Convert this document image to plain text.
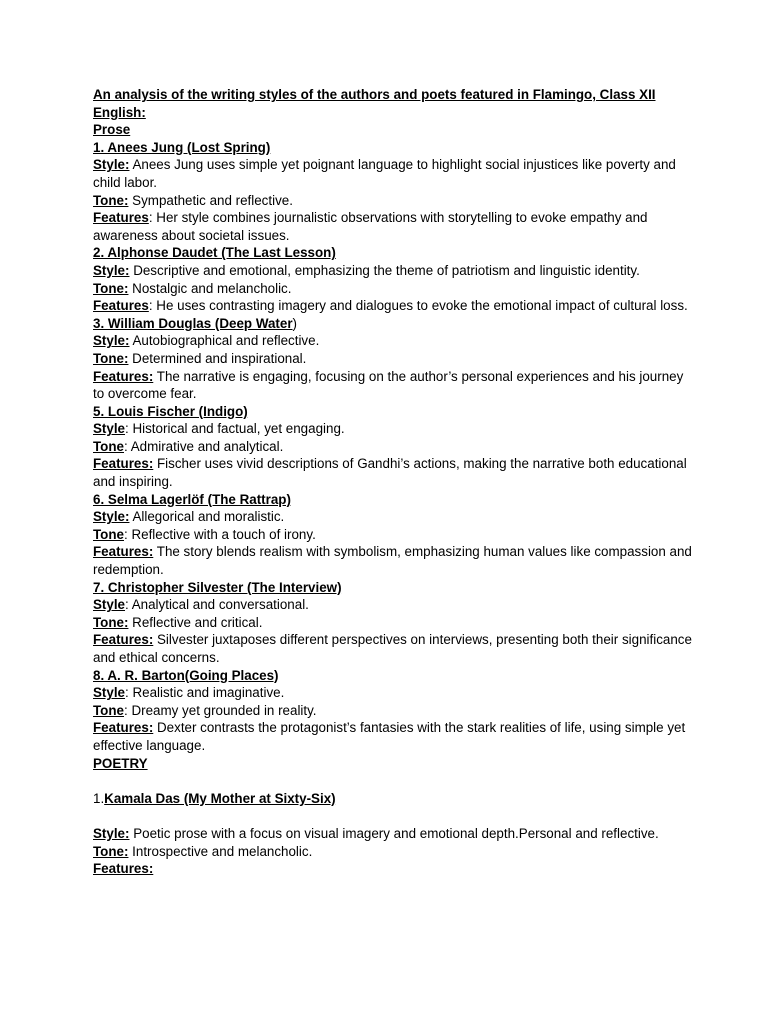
An analysis of the writing styles of the authors and poets featured in Flamingo, Class XII English:

Prose

1. Anees Jung (Lost Spring)

Style: Anees Jung uses simple yet poignant language to highlight social injustices like poverty and child labor.

Tone: Sympathetic and reflective.

Features: Her style combines journalistic observations with storytelling to evoke empathy and awareness about societal issues.

2. Alphonse Daudet (The Last Lesson)

Style: Descriptive and emotional, emphasizing the theme of patriotism and linguistic identity.

Tone: Nostalgic and melancholic.

Features: He uses contrasting imagery and dialogues to evoke the emotional impact of cultural loss.

3. William Douglas (Deep Water)

Style: Autobiographical and reflective.

Tone: Determined and inspirational.

Features: The narrative is engaging, focusing on the author’s personal experiences and his journey to overcome fear.

5. Louis Fischer (Indigo)

Style: Historical and factual, yet engaging.

Tone: Admirative and analytical.

Features: Fischer uses vivid descriptions of Gandhi’s actions, making the narrative both educational and inspiring.

6. Selma Lagerlöf (The Rattrap)

Style: Allegorical and moralistic.

Tone: Reflective with a touch of irony.

Features: The story blends realism with symbolism, emphasizing human values like compassion and redemption.

7. Christopher Silvester (The Interview)

Style: Analytical and conversational.

Tone: Reflective and critical.

Features: Silvester juxtaposes different perspectives on interviews, presenting both their significance and ethical concerns.

8. A. R. Barton(Going Places)

Style: Realistic and imaginative.

Tone: Dreamy yet grounded in reality.

Features: Dexter contrasts the protagonist’s fantasies with the stark realities of life, using simple yet effective language.

POETRY

1.Kamala Das (My Mother at Sixty-Six)

Style: Poetic prose with a focus on visual imagery and emotional depth.Personal and reflective.

Tone: Introspective and melancholic.

Features:
